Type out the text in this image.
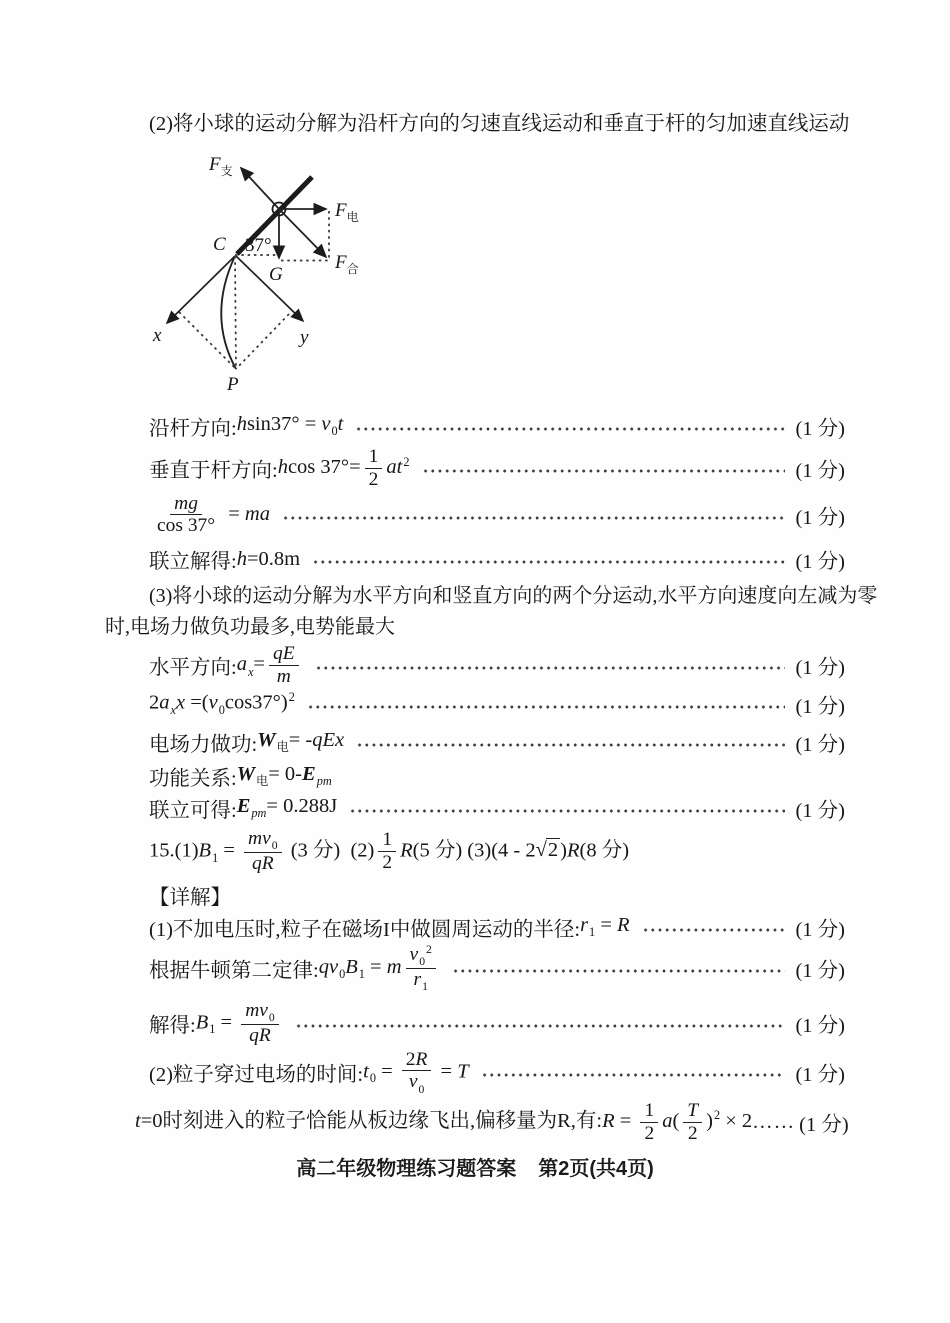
(2)将小球的运动分解为沿杆方向的匀速直线运动和垂直于杆的匀加速直线运动
$F_支$
$F_电$
$F_合$
G
C 37°
x	y
P
沿杆方向: $hsin37^\circ = v_0t$	(1 分)
垂直于杆方向: hcos $37^\circ= \frac{1}{2} at^2$	(1 分)
$\frac{mg}{\cos 37^\circ}$ = ma	(1 分)
联立解得: h=0.8m	(1 分)
(3)将小球的运动分解为水平方向和竖直方向的两个分运动,水平方向速度向左减为零
时,电场力做负功最多,电势能最大
水平方向: $a_x= \frac{qE}{m}$	(1 分)
$2a_xx =(v_0\cos 37^\circ)^2$	(1 分)
电场力做功: $W_电= -qEx$	(1 分)
功能关系: $W_电= 0-E_{pm}$
联立可得: $E_{pm}= 0.288J$	(1 分)
$15.(1)B_1 = \frac{mv_0}{qR} (3$ 分)  $(2) \frac{1}{2} R(5$ 分) (3)(4 - 2 √ 2 )R(8 分)
【详解】
(1)不加电压时,粒子在磁场I中做圆周运动的半径: $r_1 = R$	(1 分)
根据牛顿第二定律: $qv_0B_1 = m \frac{v_0^2}{r_1}$	(1 分)
解得: $B_1 = \frac{mv_0}{qR}$	(1 分)
(2)粒子穿过电场的时间: $t_0 = \frac{2R}{v_0} = T$	(1 分)
t=0时刻进入的粒子恰能从板边缘飞出,偏移量为R,有:R = $\frac{1}{2} a( \frac{T}{2} )^2 \times 2$ …… (1 分)
高二年级物理练习题答案 第2页(共4页)
